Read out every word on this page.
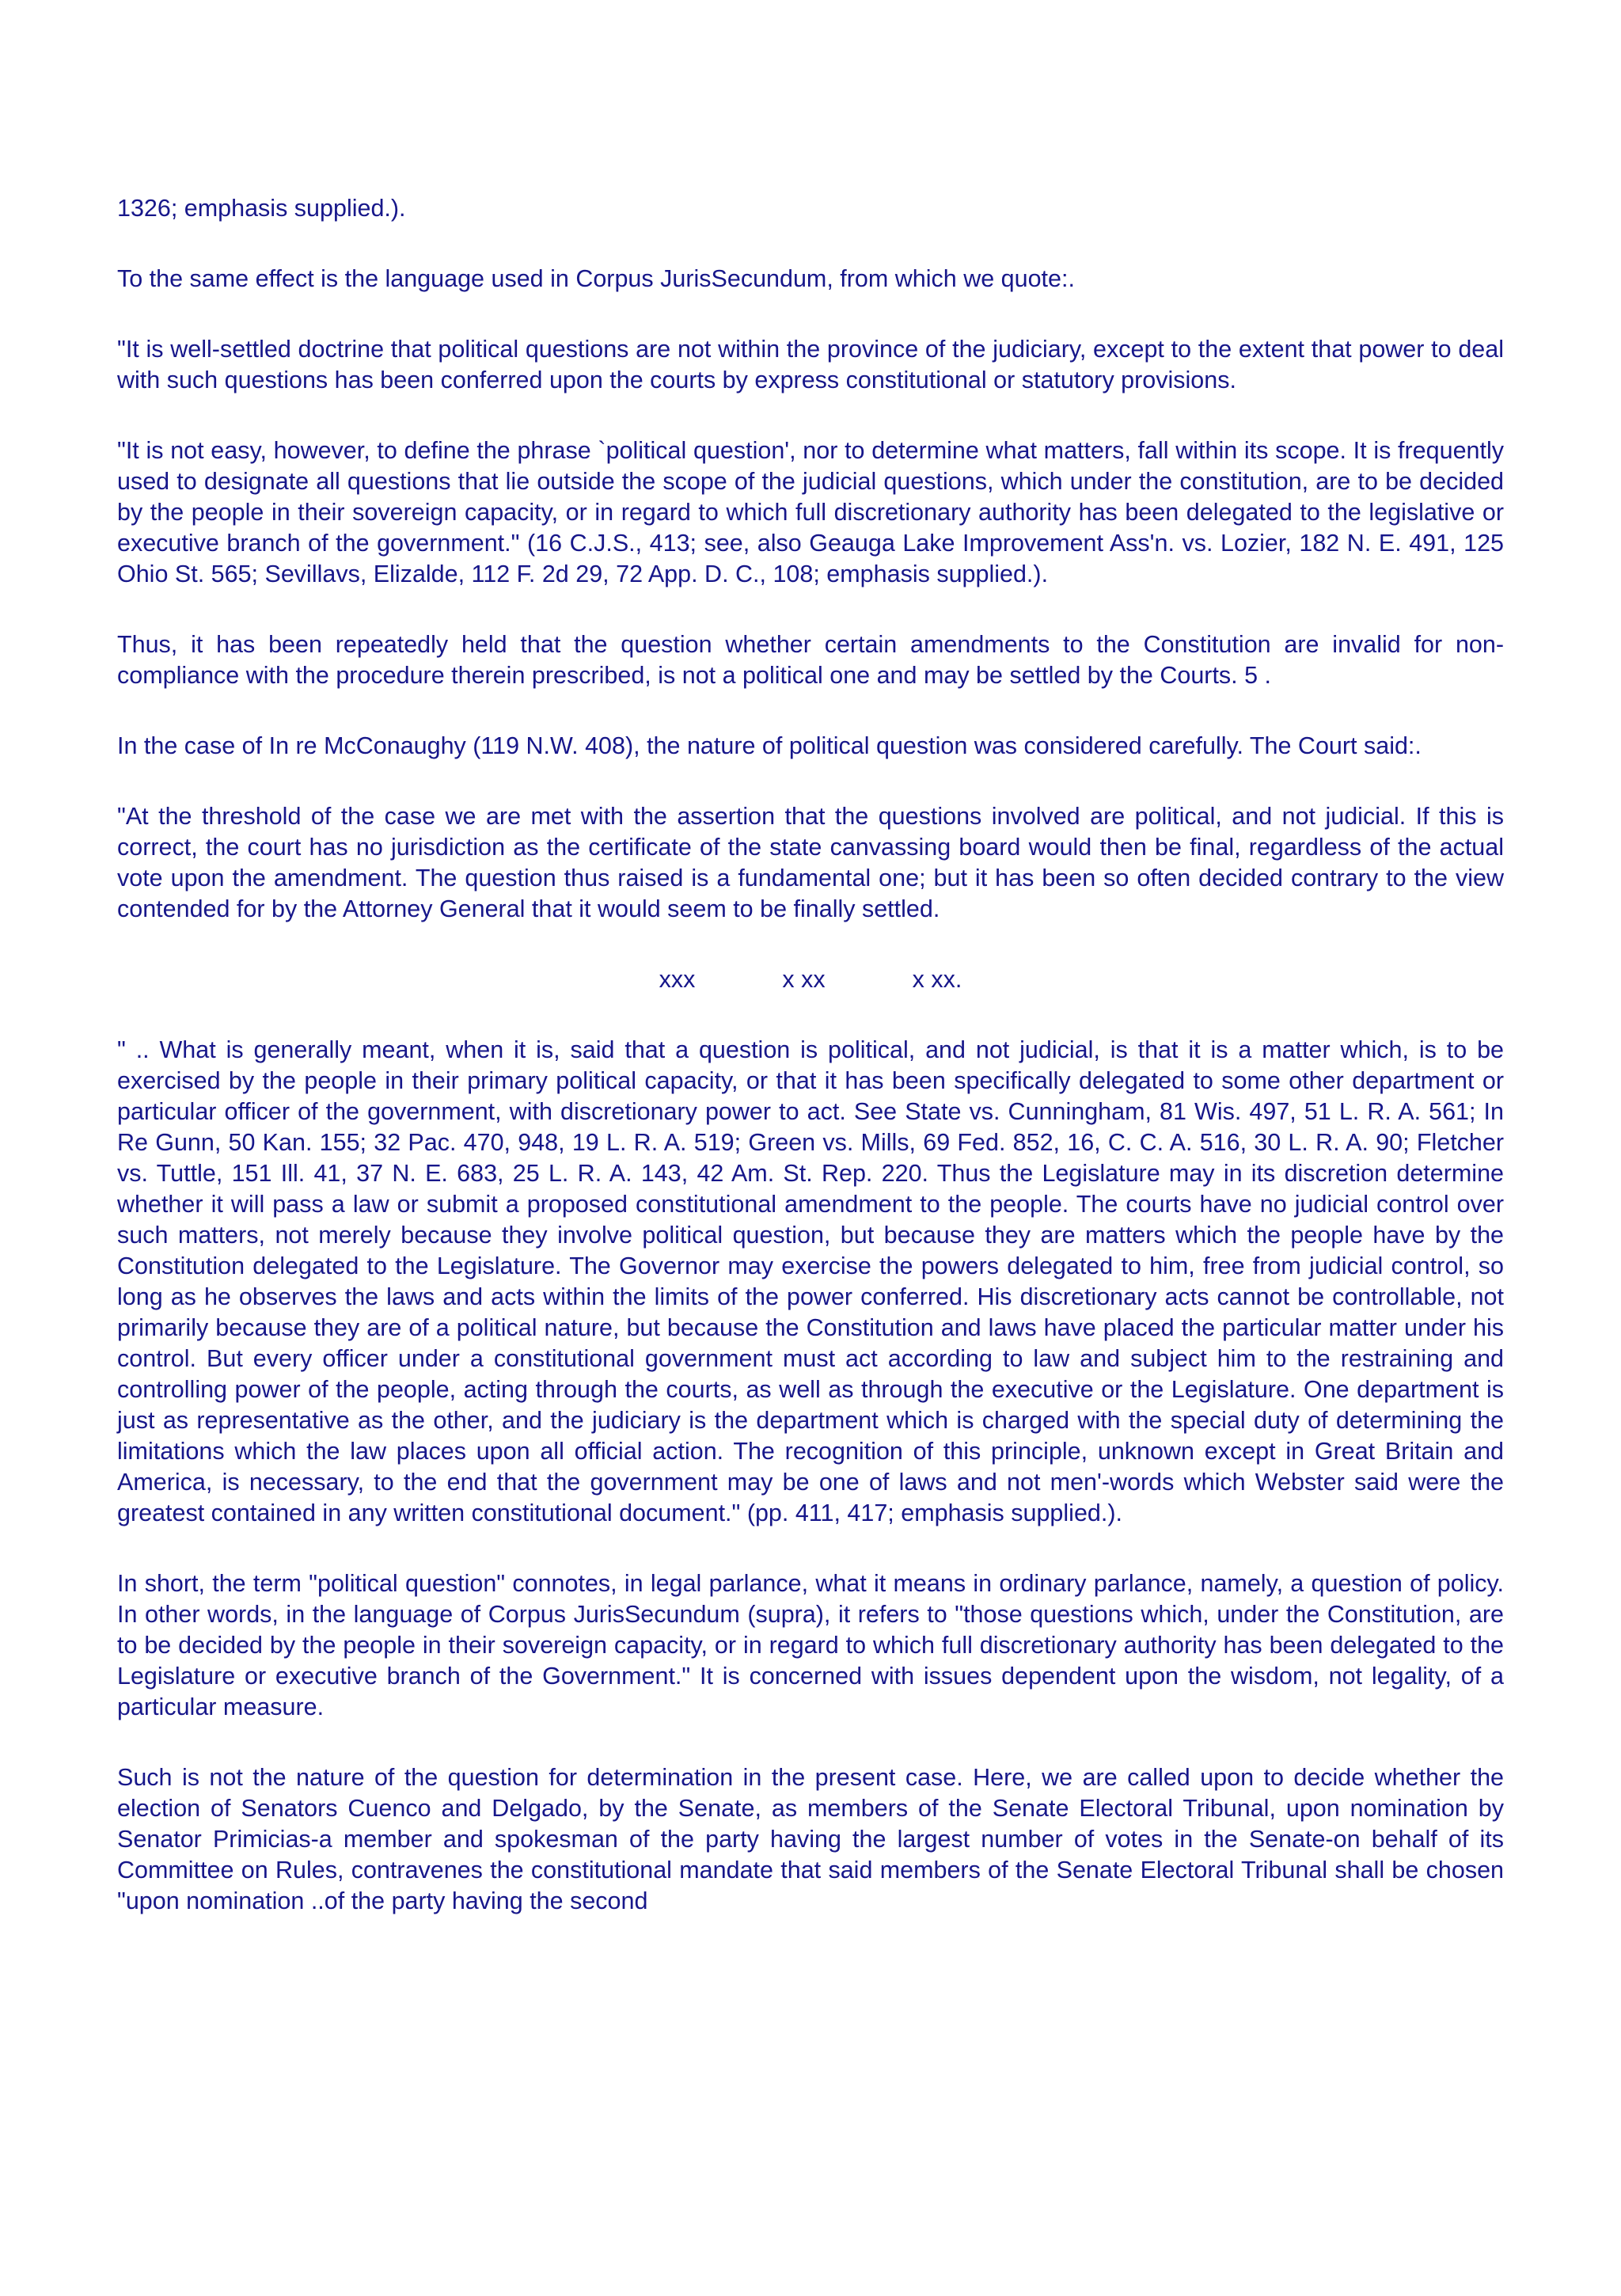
1326; emphasis supplied.).

To the same effect is the language used in Corpus JurisSecundum, from which we quote:.

"It is well-settled doctrine that political questions are not within the province of the judiciary, except to the extent that power to deal with such questions has been conferred upon the courts by express constitutional or statutory provisions.

"It is not easy, however, to define the phrase `political question', nor to determine what matters, fall within its scope. It is frequently used to designate all questions that lie outside the scope of the judicial questions, which under the constitution, are to be decided by the people in their sovereign capacity, or in regard to which full discretionary authority has been delegated to the legislative or executive branch of the government." (16 C.J.S., 413; see, also Geauga Lake Improvement Ass'n. vs. Lozier, 182 N. E. 491, 125 Ohio St. 565; Sevillavs, Elizalde, 112 F. 2d 29, 72 App. D. C., 108; emphasis supplied.).

Thus, it has been repeatedly held that the question whether certain amendments to the Constitution are invalid for non-compliance with the procedure therein prescribed, is not a political one and may be settled by the Courts. 5 .

In the case of In re McConaughy (119 N.W. 408), the nature of political question was considered carefully. The Court said:.

"At the threshold of the case we are met with the assertion that the questions involved are political, and not judicial. If this is correct, the court has no jurisdiction as the certificate of the state canvassing board would then be final, regardless of the actual vote upon the amendment. The question thus raised is a fundamental one; but it has been so often decided contrary to the view contended for by the Attorney General that it would seem to be finally settled.

xxx	x xx	x xx.

" .. What is generally meant, when it is, said that a question is political, and not judicial, is that it is a matter which, is to be exercised by the people in their primary political capacity, or that it has been specifically delegated to some other department or particular officer of the government, with discretionary power to act. See State vs. Cunningham, 81 Wis. 497, 51 L. R. A. 561; In Re Gunn, 50 Kan. 155; 32 Pac. 470, 948, 19 L. R. A. 519; Green vs. Mills, 69 Fed. 852, 16, C. C. A. 516, 30 L. R. A. 90; Fletcher vs. Tuttle, 151 Ill. 41, 37 N. E. 683, 25 L. R. A. 143, 42 Am. St. Rep. 220. Thus the Legislature may in its discretion determine whether it will pass a law or submit a proposed constitutional amendment to the people. The courts have no judicial control over such matters, not merely because they involve political question, but because they are matters which the people have by the Constitution delegated to the Legislature. The Governor may exercise the powers delegated to him, free from judicial control, so long as he observes the laws and acts within the limits of the power conferred. His discretionary acts cannot be controllable, not primarily because they are of a political nature, but because the Constitution and laws have placed the particular matter under his control. But every officer under a constitutional government must act according to law and subject him to the restraining and controlling power of the people, acting through the courts, as well as through the executive or the Legislature. One department is just as representative as the other, and the judiciary is the department which is charged with the special duty of determining the limitations which the law places upon all official action. The recognition of this principle, unknown except in Great Britain and America, is necessary, to the end that the government may be one of laws and not men'-words which Webster said were the greatest contained in any written constitutional document." (pp. 411, 417; emphasis supplied.).

In short, the term "political question" connotes, in legal parlance, what it means in ordinary parlance, namely, a question of policy. In other words, in the language of Corpus JurisSecundum (supra), it refers to "those questions which, under the Constitution, are to be decided by the people in their sovereign capacity, or in regard to which full discretionary authority has been delegated to the Legislature or executive branch of the Government." It is concerned with issues dependent upon the wisdom, not legality, of a particular measure.

Such is not the nature of the question for determination in the present case. Here, we are called upon to decide whether the election of Senators Cuenco and Delgado, by the Senate, as members of the Senate Electoral Tribunal, upon nomination by Senator Primicias-a member and spokesman of the party having the largest number of votes in the Senate-on behalf of its Committee on Rules, contravenes the constitutional mandate that said members of the Senate Electoral Tribunal shall be chosen "upon nomination ..of the party having the second
